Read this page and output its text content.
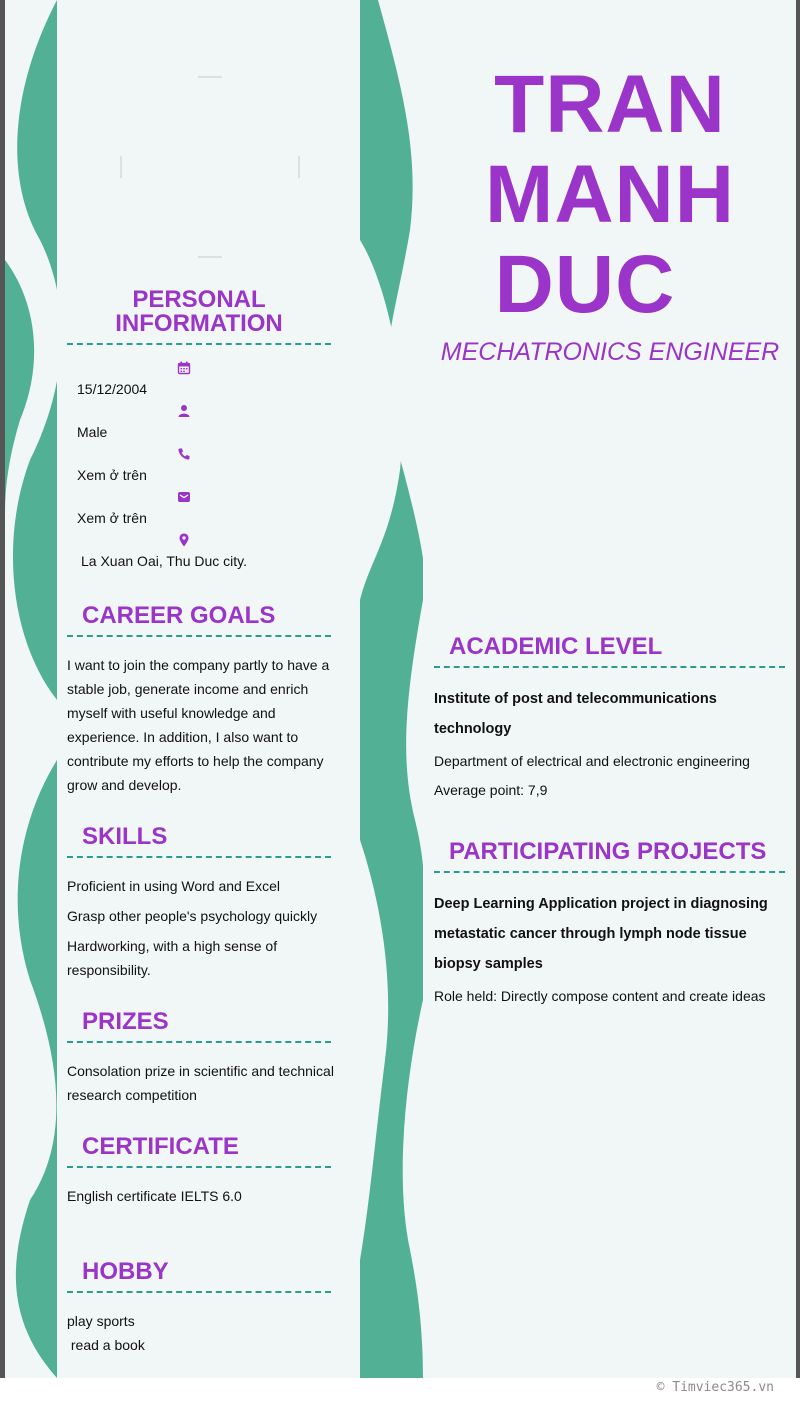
PERSONAL
INFORMATION
15/12/2004
Male
Xem ở trên
Xem ở trên
La Xuan Oai, Thu Duc city.
CAREER GOALS
I want to join the company partly to have a stable job, generate income and enrich myself with useful knowledge and experience. In addition, I also want to contribute my efforts to help the company grow and develop.
SKILLS
Proficient in using Word and Excel
Grasp other people's psychology quickly
Hardworking, with a high sense of responsibility.
PRIZES
Consolation prize in scientific and technical research competition
CERTIFICATE
English certificate IELTS 6.0
HOBBY
play sports
read a book
TRAN
MANH
DUC
MECHATRONICS ENGINEER
ACADEMIC LEVEL
Institute of post and telecommunications technology
Department of electrical and electronic engineering
Average point: 7,9
PARTICIPATING PROJECTS
Deep Learning Application project in diagnosing metastatic cancer through lymph node tissue biopsy samples
Role held: Directly compose content and create ideas
© Timviec365.vn
